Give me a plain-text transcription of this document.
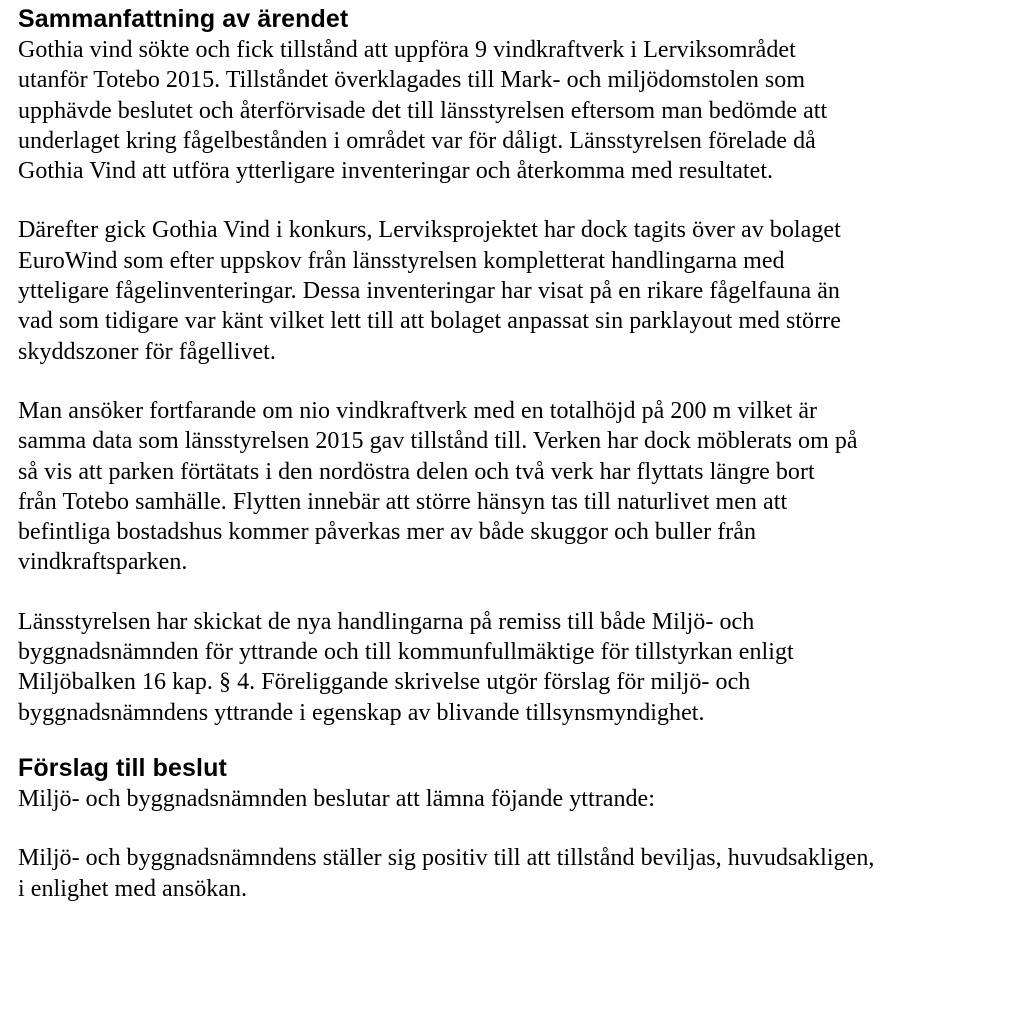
Sammanfattning av ärendet

Gothia vind sökte och fick tillstånd att uppföra 9 vindkraftverk i Lerviksområdet
utanför Totebo 2015. Tillståndet överklagades till Mark- och miljödomstolen som
upphävde beslutet och återförvisade det till länsstyrelsen eftersom man bedömde att
underlaget kring fågelbestånden i området var för dåligt. Länsstyrelsen förelade då
Gothia Vind att utföra ytterligare inventeringar och återkomma med resultatet.

Därefter gick Gothia Vind i konkurs, Lerviksprojektet har dock tagits över av bolaget
EuroWind som efter uppskov från länsstyrelsen kompletterat handlingarna med
ytteligare fågelinventeringar. Dessa inventeringar har visat på en rikare fågelfauna än
vad som tidigare var känt vilket lett till att bolaget anpassat sin parklayout med större
skyddszoner för fågellivet.

Man ansöker fortfarande om nio vindkraftverk med en totalhöjd på 200 m vilket är
samma data som länsstyrelsen 2015 gav tillstånd till. Verken har dock möblerats om på
så vis att parken förtätats i den nordöstra delen och två verk har flyttats längre bort
från Totebo samhälle. Flytten innebär att större hänsyn tas till naturlivet men att
befintliga bostadshus kommer påverkas mer av både skuggor och buller från
vindkraftsparken.

Länsstyrelsen har skickat de nya handlingarna på remiss till både Miljö- och
byggnadsnämnden för yttrande och till kommunfullmäktige för tillstyrkan enligt
Miljöbalken 16 kap. § 4. Föreliggande skrivelse utgör förslag för miljö- och
byggnadsnämndens yttrande i egenskap av blivande tillsynsmyndighet.

Förslag till beslut

Miljö- och byggnadsnämnden beslutar att lämna föjande yttrande:

Miljö- och byggnadsnämndens ställer sig positiv till att tillstånd beviljas, huvudsakligen,
i enlighet med ansökan.
